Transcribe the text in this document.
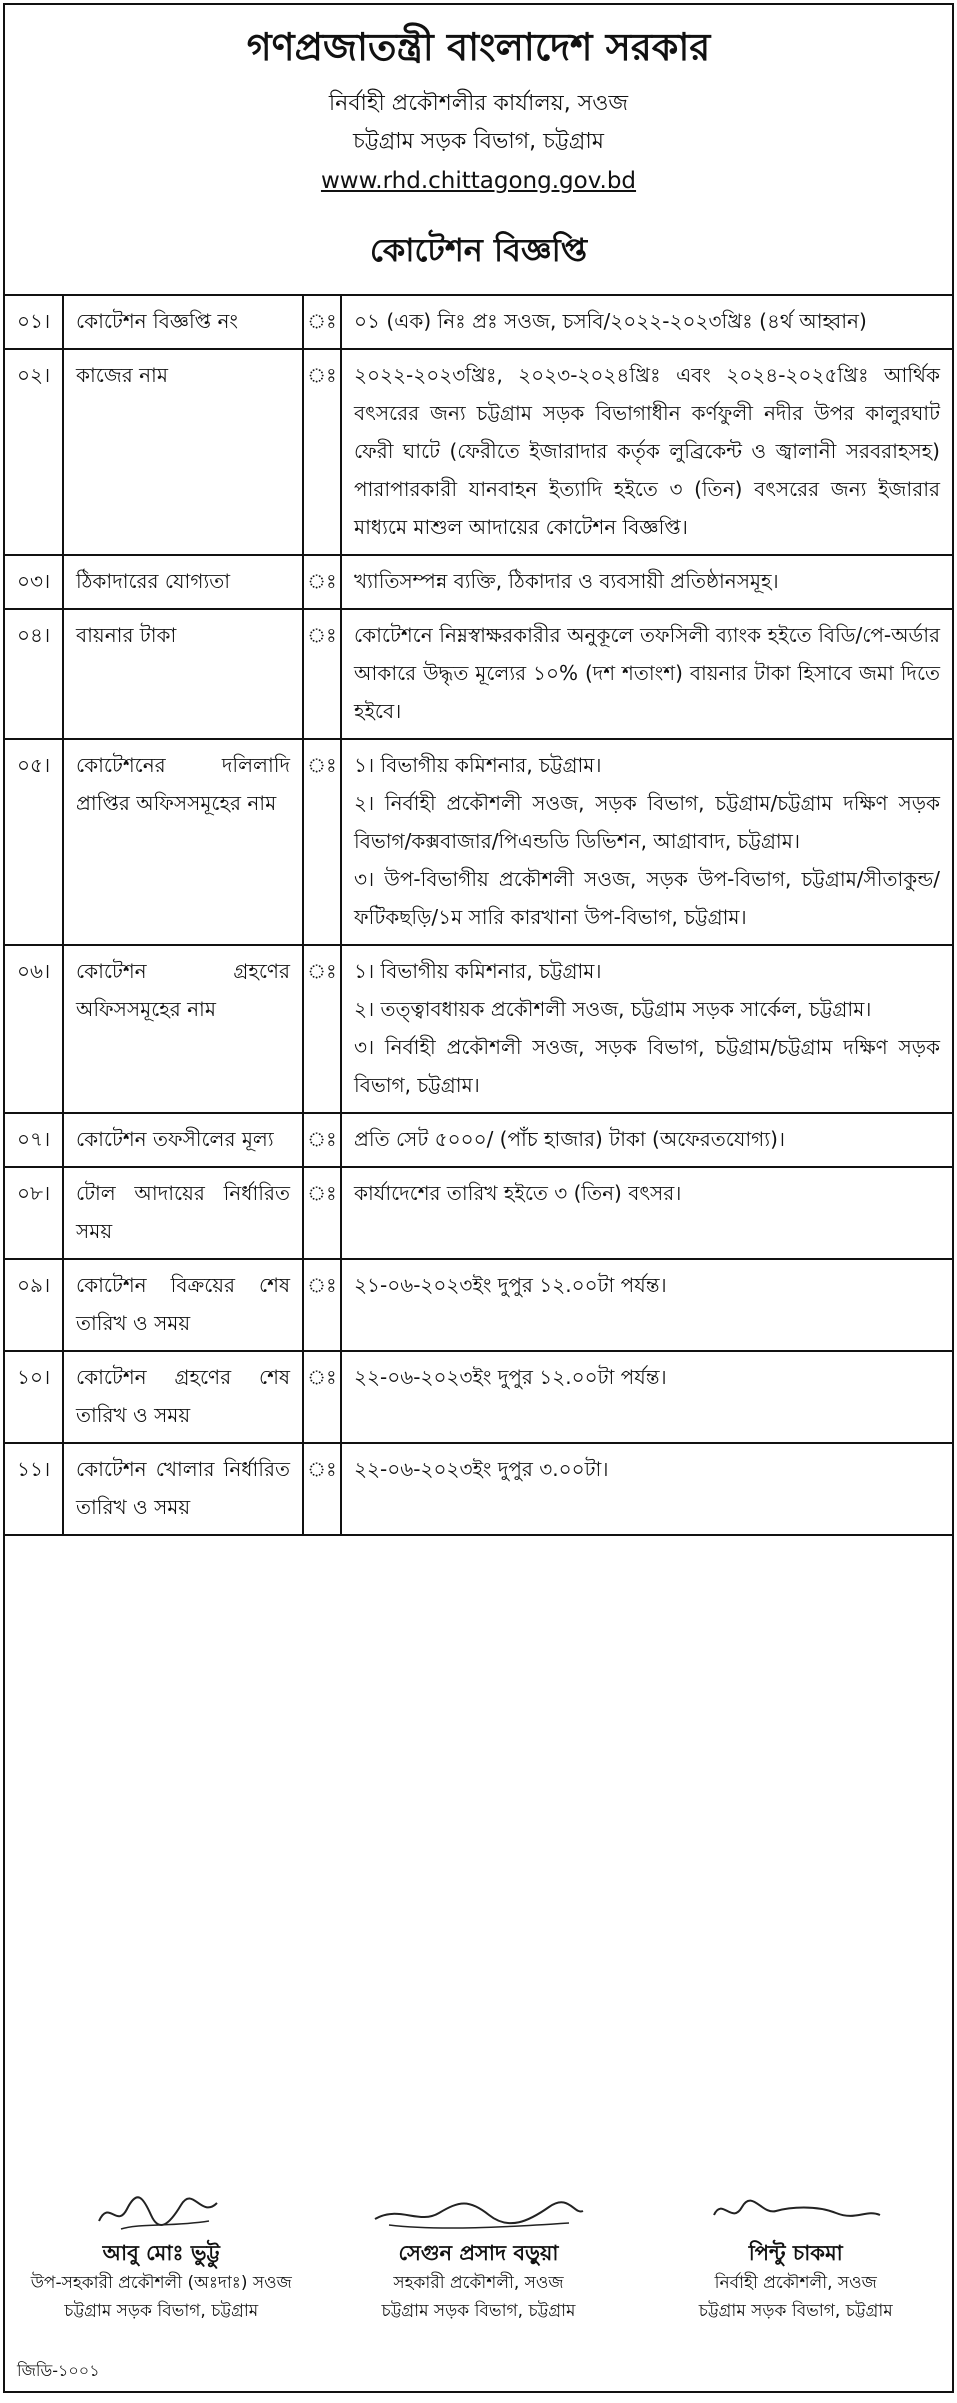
গণপ্রজাতন্ত্রী বাংলাদেশ সরকার

নির্বাহী প্রকৌশলীর কার্যালয়, সওজ

চট্টগ্রাম সড়ক বিভাগ, চট্টগ্রাম

www.rhd.chittagong.gov.bd

কোটেশন বিজ্ঞপ্তি

০১।	কোটেশন বিজ্ঞপ্তি নং	ঃ	০১ (এক) নিঃ প্রঃ সওজ, চসবি/২০২২-২০২৩খ্রিঃ (৪র্থ আহ্বান)

০২।	কাজের নাম	ঃ	২০২২-২০২৩খ্রিঃ, ২০২৩-২০২৪খ্রিঃ এবং ২০২৪-২০২৫খ্রিঃ আর্থিক বৎসরের জন্য চট্টগ্রাম সড়ক বিভাগাধীন কর্ণফুলী নদীর উপর কালুরঘাট ফেরী ঘাটে (ফেরীতে ইজারাদার কর্তৃক লুব্রিকেন্ট ও জ্বালানী সরবরাহসহ) পারাপারকারী যানবাহন ইত্যাদি হইতে ৩ (তিন) বৎসরের জন্য ইজারার মাধ্যমে মাশুল আদায়ের কোটেশন বিজ্ঞপ্তি।

০৩।	ঠিকাদারের যোগ্যতা	ঃ	খ্যাতিসম্পন্ন ব্যক্তি, ঠিকাদার ও ব্যবসায়ী প্রতিষ্ঠানসমূহ।

০৪।	বায়নার টাকা	ঃ	কোটেশনে নিম্নস্বাক্ষরকারীর অনুকূলে তফসিলী ব্যাংক হইতে বিডি/পে-অর্ডার আকারে উদ্ধৃত মূল্যের ১০% (দশ শতাংশ) বায়নার টাকা হিসাবে জমা দিতে হইবে।

০৫।	কোটেশনের দলিলাদি প্রাপ্তির অফিসসমূহের নাম	ঃ	১। বিভাগীয় কমিশনার, চট্টগ্রাম।

২। নির্বাহী প্রকৌশলী সওজ, সড়ক বিভাগ, চট্টগ্রাম/চট্টগ্রাম দক্ষিণ সড়ক বিভাগ/কক্সবাজার/পিএন্ডডি ডিভিশন, আগ্রাবাদ, চট্টগ্রাম।

৩। উপ-বিভাগীয় প্রকৌশলী সওজ, সড়ক উপ-বিভাগ, চট্টগ্রাম/সীতাকুন্ড/ফটিকছড়ি/১ম সারি কারখানা উপ-বিভাগ, চট্টগ্রাম।

০৬।	কোটেশন গ্রহণের অফিসসমূহের নাম	ঃ	১। বিভাগীয় কমিশনার, চট্টগ্রাম।

২। তত্ত্বাবধায়ক প্রকৌশলী সওজ, চট্টগ্রাম সড়ক সার্কেল, চট্টগ্রাম।

৩। নির্বাহী প্রকৌশলী সওজ, সড়ক বিভাগ, চট্টগ্রাম/চট্টগ্রাম দক্ষিণ সড়ক বিভাগ, চট্টগ্রাম।

০৭।	কোটেশন তফসীলের মূল্য	ঃ	প্রতি সেট ৫০০০/ (পাঁচ হাজার) টাকা (অফেরতযোগ্য)।

০৮।	টোল আদায়ের নির্ধারিত সময়	ঃ	কার্যাদেশের তারিখ হইতে ৩ (তিন) বৎসর।

০৯।	কোটেশন বিক্রয়ের শেষ তারিখ ও সময়	ঃ	২১-০৬-২০২৩ইং দুপুর ১২.০০টা পর্যন্ত।

১০।	কোটেশন গ্রহণের শেষ তারিখ ও সময়	ঃ	২২-০৬-২০২৩ইং দুপুর ১২.০০টা পর্যন্ত।

১১।	কোটেশন খোলার নির্ধারিত তারিখ ও সময়	ঃ	২২-০৬-২০২৩ইং দুপুর ৩.০০টা।

আবু মোঃ ভুট্টু

উপ-সহকারী প্রকৌশলী (অঃদাঃ) সওজ

চট্টগ্রাম সড়ক বিভাগ, চট্টগ্রাম

সেগুন প্রসাদ বড়ুয়া

সহকারী প্রকৌশলী, সওজ

চট্টগ্রাম সড়ক বিভাগ, চট্টগ্রাম

পিন্টু চাকমা

নির্বাহী প্রকৌশলী, সওজ

চট্টগ্রাম সড়ক বিভাগ, চট্টগ্রাম

জিডি-১০০১
